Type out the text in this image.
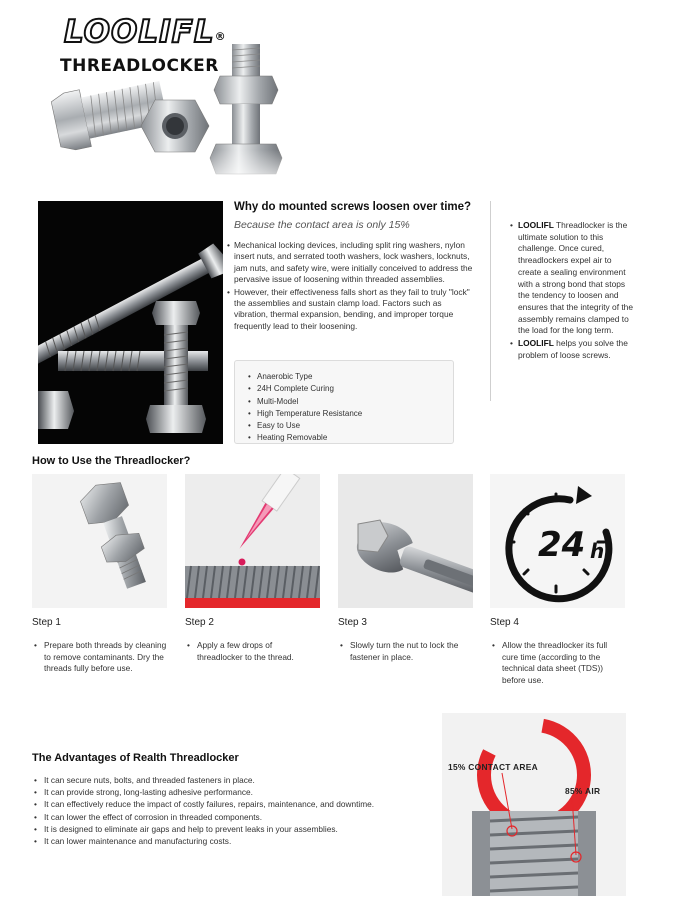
LOOLIFL®
THREADLOCKER
Why do mounted screws loosen over time?
Because the contact area is only 15%
• Mechanical locking devices, including split ring washers, nylon insert nuts, and serrated tooth washers, lock washers, locknuts, jam nuts, and safety wire, were initially conceived to address the pervasive issue of loosening within threaded assemblies.
• However, their effectiveness falls short as they fail to truly "lock" the assemblies and sustain clamp load. Factors such as vibration, thermal expansion, bending, and improper torque frequently lead to their loosening.
• Anaerobic Type
• 24H Complete Curing
• Multi-Model
• High Temperature Resistance
• Easy to Use
• Heating Removable
• LOOLIFL Threadlocker is the ultimate solution to this challenge. Once cured, threadlockers expel air to create a sealing environment with a strong bond that stops the tendency to loosen and ensures that the integrity of the assembly remains clamped to the load for the long term.
• LOOLIFL helps you solve the problem of loose screws.
How to Use the Threadlocker?
Step 1
• Prepare both threads by cleaning to remove contaminants. Dry the threads fully before use.
Step 2
• Apply a few drops of threadlocker to the thread.
Step 3
• Slowly turn the nut to lock the fastener in place.
24 h
Step 4
• Allow the threadlocker its full cure time (according to the technical data sheet (TDS)) before use.
The Advantages of Realth Threadlocker
• It can secure nuts, bolts, and threaded fasteners in place.
• It can provide strong, long-lasting adhesive performance.
• It can effectively reduce the impact of costly failures, repairs, maintenance, and downtime.
• It can lower the effect of corrosion in threaded components.
• It is designed to eliminate air gaps and help to prevent leaks in your assemblies.
• It can lower maintenance and manufacturing costs.
15% CONTACT AREA
85% AIR
